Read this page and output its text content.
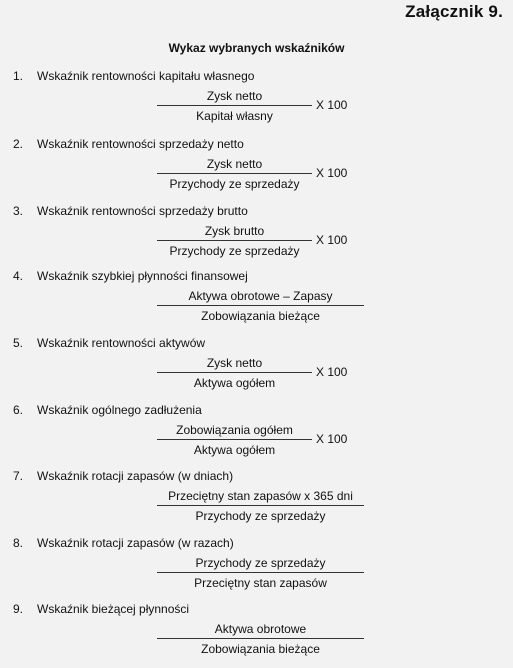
Załącznik 9.
Wykaz wybranych wskaźników
1. Wskaźnik rentowności kapitału własnego
Zysk netto
Kapitał własny
X 100
2. Wskaźnik rentowności sprzedaży netto
Zysk netto
Przychody ze sprzedaży
X 100
3. Wskaźnik rentowności sprzedaży brutto
Zysk brutto
Przychody ze sprzedaży
X 100
4. Wskaźnik szybkiej płynności finansowej
Aktywa obrotowe – Zapasy
Zobowiązania bieżące
5. Wskaźnik rentowności aktywów
Zysk netto
Aktywa ogółem
X 100
6. Wskaźnik ogólnego zadłużenia
Zobowiązania ogółem
Aktywa ogółem
X 100
7. Wskaźnik rotacji zapasów (w dniach)
Przeciętny stan zapasów x 365 dni
Przychody ze sprzedaży
8. Wskaźnik rotacji zapasów (w razach)
Przychody ze sprzedaży
Przeciętny stan zapasów
9. Wskaźnik bieżącej płynności
Aktywa obrotowe
Zobowiązania bieżące
